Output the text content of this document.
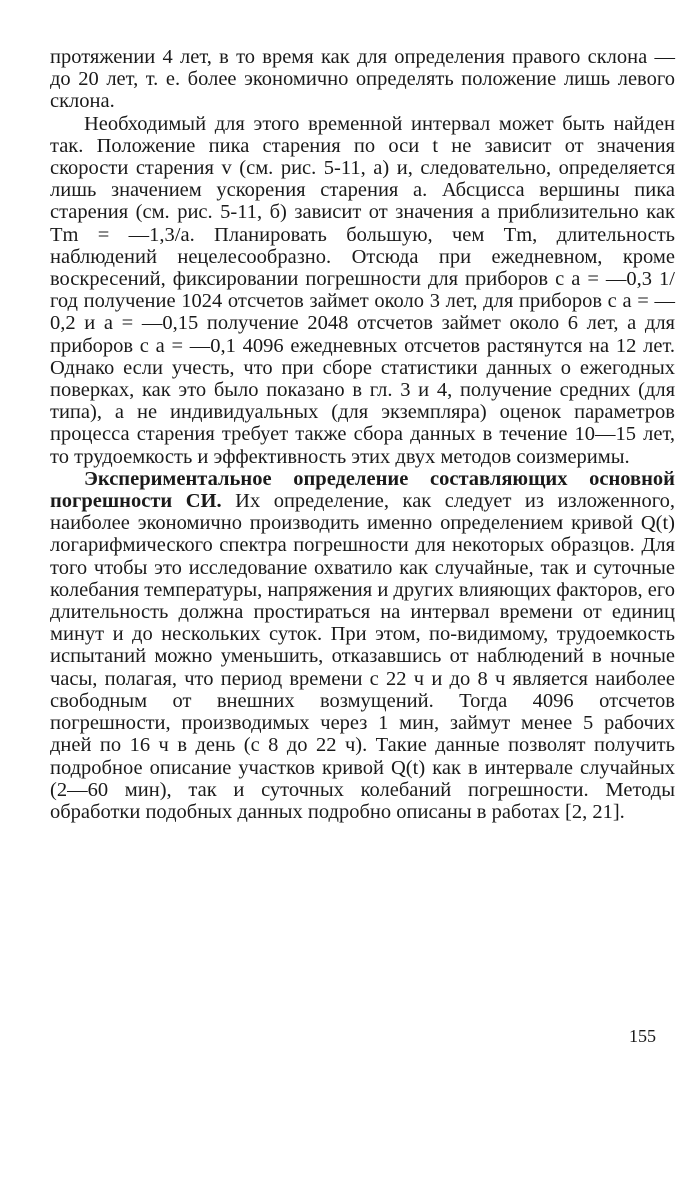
протяжении 4 лет, в то время как для определения правого склона — до 20 лет, т. е. более экономично определять положение лишь левого склона.

Необходимый для этого временной интервал может быть найден так. Положение пика старения по оси t не зависит от значения скорости старения v (см. рис. 5-11, a) и, следовательно, определяется лишь значением ускорения старения a. Абсцисса вершины пика старения (см. рис. 5-11, б) зависит от значения a приблизительно как Tm = —1,3/a. Планировать большую, чем Tm, длительность наблюдений нецелесообразно. Отсюда при ежедневном, кроме воскресений, фиксировании погрешности для приборов с a = —0,3 1/год получение 1024 отсчетов займет около 3 лет, для приборов с a = —0,2 и a = —0,15 получение 2048 отсчетов займет около 6 лет, а для приборов с a = —0,1 4096 ежедневных отсчетов растянутся на 12 лет. Однако если учесть, что при сборе статистики данных о ежегодных поверках, как это было показано в гл. 3 и 4, получение средних (для типа), а не индивидуальных (для экземпляра) оценок параметров процесса старения требует также сбора данных в течение 10—15 лет, то трудоемкость и эффективность этих двух методов соизмеримы.

Экспериментальное определение составляющих основной погрешности СИ. Их определение, как следует из изложенного, наиболее экономично производить именно определением кривой Q(t) логарифмического спектра погрешности для некоторых образцов. Для того чтобы это исследование охватило как случайные, так и суточные колебания температуры, напряжения и других влияющих факторов, его длительность должна простираться на интервал времени от единиц минут и до нескольких суток. При этом, по-видимому, трудоемкость испытаний можно уменьшить, отказавшись от наблюдений в ночные часы, полагая, что период времени с 22 ч и до 8 ч является наиболее свободным от внешних возмущений. Тогда 4096 отсчетов погрешности, производимых через 1 мин, займут менее 5 рабочих дней по 16 ч в день (с 8 до 22 ч). Такие данные позволят получить подробное описание участков кривой Q(t) как в интервале случайных (2—60 мин), так и суточных колебаний погрешности. Методы обработки подобных данных подробно описаны в работах [2, 21].

155
